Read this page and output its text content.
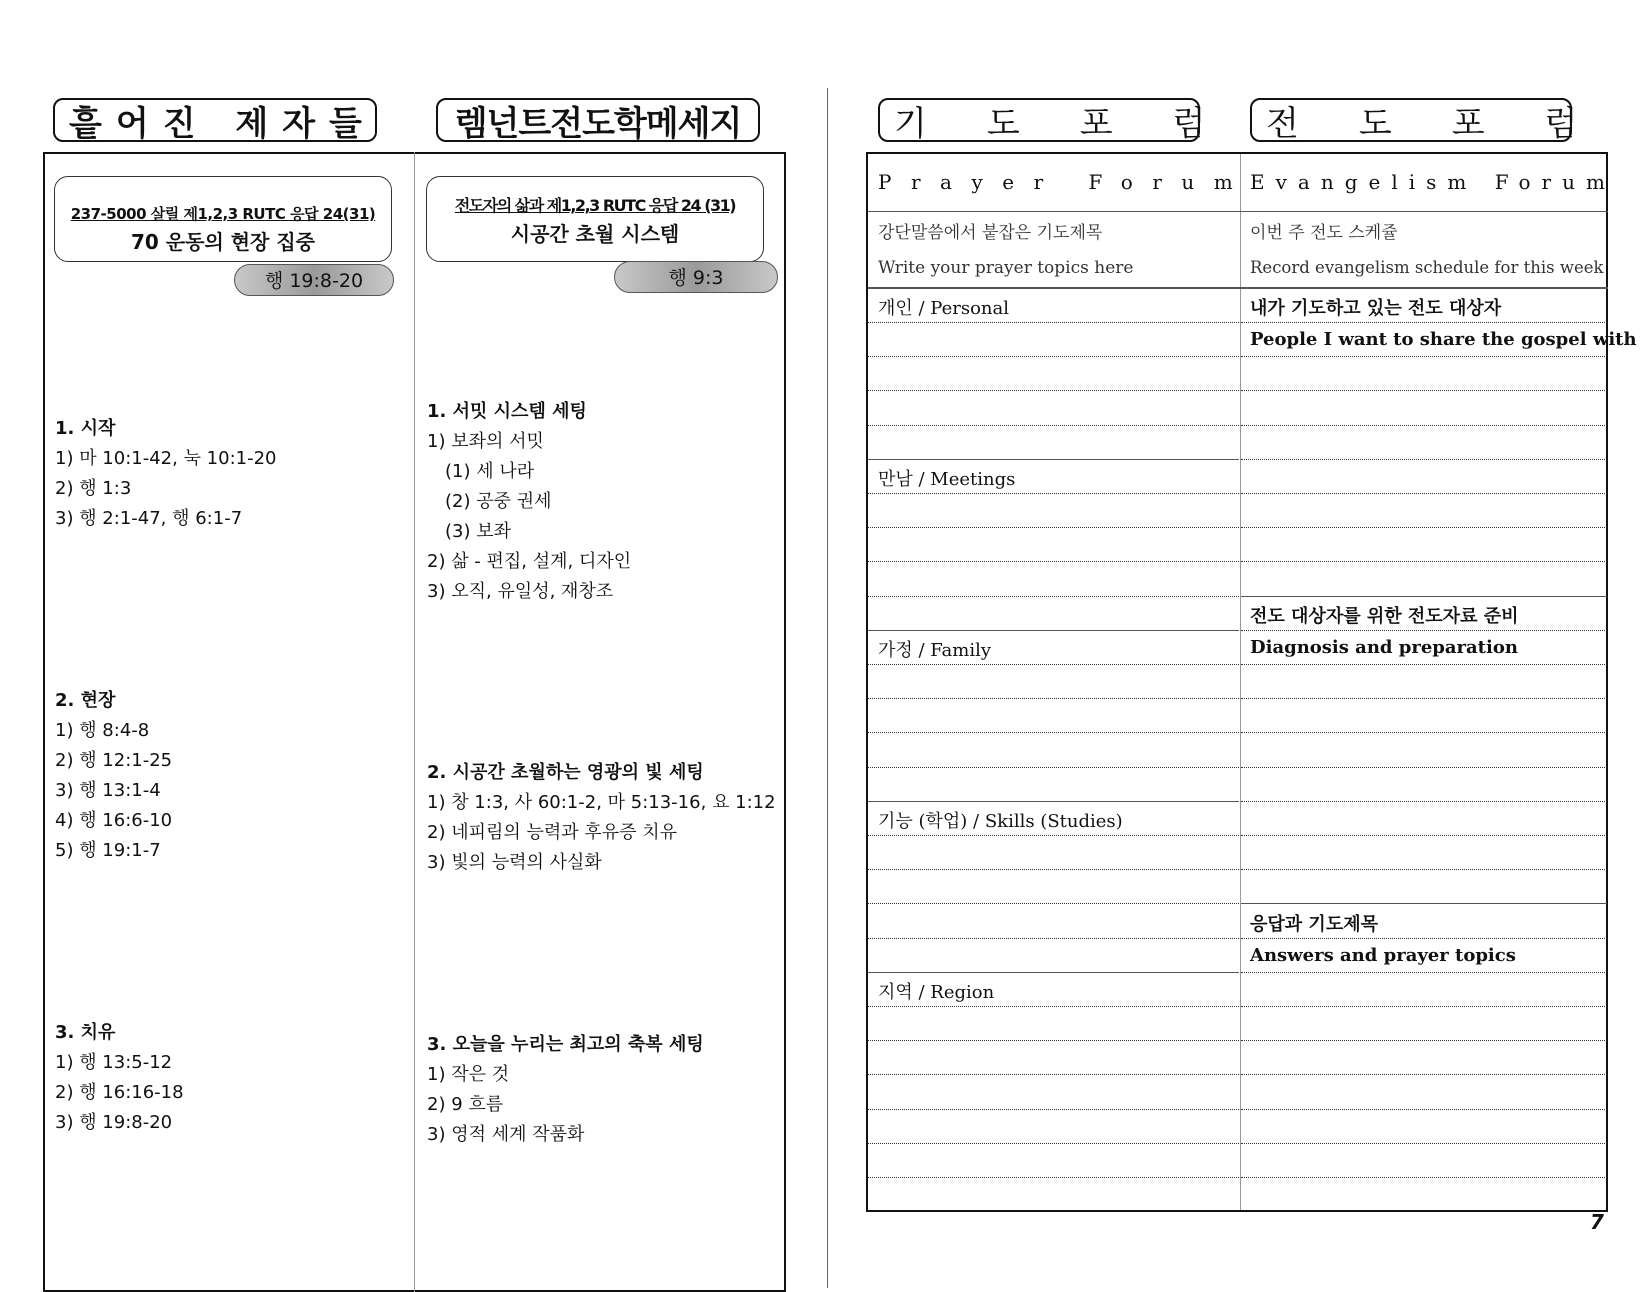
흩어진 제자들 렘넌트전도학메세지
237-5000 살릴 제1,2,3 RUTC 응답 24(31)
70 운동의 현장 집중
행 19:8-20
1. 시작
1) 마 10:1-42, 눅 10:1-20
2) 행 1:3
3) 행 2:1-47, 행 6:1-7
2. 현장
1) 행 8:4-8
2) 행 12:1-25
3) 행 13:1-4
4) 행 16:6-10
5) 행 19:1-7
3. 치유
1) 행 13:5-12
2) 행 16:16-18
3) 행 19:8-20
전도자의 삶과 제1,2,3 RUTC 응답 24 (31)
시공간 초월 시스템
행 9:3
1. 서밋 시스템 세팅
1) 보좌의 서밋
(1) 세 나라
(2) 공중 권세
(3) 보좌
2) 삶 - 편집, 설계, 디자인
3) 오직, 유일성, 재창조
2. 시공간 초월하는 영광의 빛 세팅
1) 창 1:3, 사 60:1-2, 마 5:13-16, 요 1:12
2) 네피림의 능력과 후유증 치유
3) 빛의 능력의 사실화
3. 오늘을 누리는 최고의 축복 세팅
1) 작은 것
2) 9 흐름
3) 영적 세계 작품화
기도포럼 전도포럼
Prayer Forum
Evangelism Forum
강단말씀에서 붙잡은 기도제목
Write your prayer topics here
이번 주 전도 스케쥴
Record evangelism schedule for this week
개인 / Personal
만남 / Meetings
가정 / Family
기능 (학업) / Skills (Studies)
지역 / Region
내가 기도하고 있는 전도 대상자
People I want to share the gospel with
전도 대상자를 위한 전도자료 준비
Diagnosis and preparation
응답과 기도제목
Answers and prayer topics
7
